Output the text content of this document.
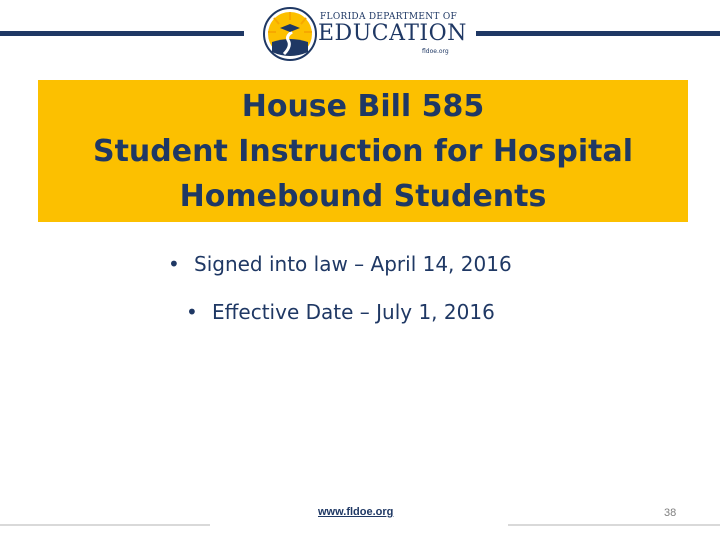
FLORIDA DEPARTMENT OF
EDUCATION
fldoe.org
House Bill 585
Student Instruction for Hospital
Homebound Students
• Signed into law – April 14, 2016
• Effective Date – July 1, 2016
www.fldoe.org	38
